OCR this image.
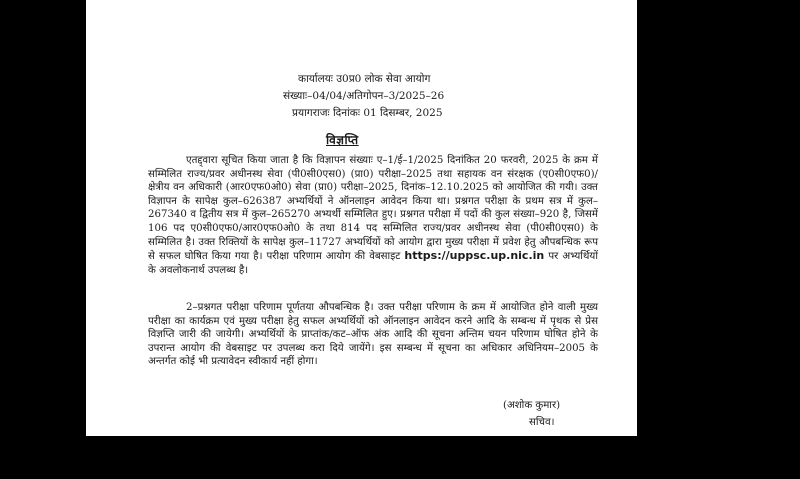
कार्यालयः उ0प्र0 लोक सेवा आयोग
संख्याः–04/04/अतिगोपन–3/2025–26
प्रयागराजः दिनांकः 01 दिसम्बर, 2025
विज्ञप्ति
एतद्द्वारा सूचित किया जाता है कि विज्ञापन संख्याः ए–1/ई–1/2025 दिनांकित 20 फरवरी, 2025 के क्रम में सम्मिलित राज्य/प्रवर अधीनस्थ सेवा (पी0सी0एस0) (प्रा0) परीक्षा–2025 तथा सहायक वन संरक्षक (ए0सी0एफ0)/क्षेत्रीय वन अधिकारी (आर0एफ0ओ0) सेवा (प्रा0) परीक्षा–2025, दिनांक–12.10.2025 को आयोजित की गयी। उक्त विज्ञापन के सापेक्ष कुल–626387 अभ्यर्थियों ने ऑनलाइन आवेदन किया था। प्रश्नगत परीक्षा के प्रथम सत्र में कुल–267340 व द्वितीय सत्र में कुल–265270 अभ्यर्थी सम्मिलित हुए। प्रश्नगत परीक्षा में पदों की कुल संख्या–920 है, जिसमें 106 पद ए0सी0एफ0/आर0एफ0ओ0 के तथा 814 पद सम्मिलित राज्य/प्रवर अधीनस्थ सेवा (पी0सी0एस0) के सम्मिलित है। उक्त रिक्तियों के सापेक्ष कुल–11727 अभ्यर्थियों को आयोग द्वारा मुख्य परीक्षा में प्रवेश हेतु औपबन्धिक रूप से सफल घोषित किया गया है। परीक्षा परिणाम आयोग की वेबसाइट https://uppsc.up.nic.in पर अभ्यर्थियों के अवलोकनार्थ उपलब्ध है।
2–प्रश्नगत परीक्षा परिणाम पूर्णतया औपबन्धिक है। उक्त परीक्षा परिणाम के क्रम में आयोजित होने वाली मुख्य परीक्षा का कार्यक्रम एवं मुख्य परीक्षा हेतु सफल अभ्यर्थियों को ऑनलाइन आवेदन करने आदि के सम्बन्ध में पृथक से प्रेस विज्ञप्ति जारी की जायेगी। अभ्यर्थियों के प्राप्तांक/कट–ऑफ अंक आदि की सूचना अन्तिम चयन परिणाम घोषित होने के उपरान्त आयोग की वेबसाइट पर उपलब्ध करा दिये जायेंगे। इस सम्बन्ध में सूचना का अधिकार अधिनियम–2005 के अन्तर्गत कोई भी प्रत्यावेदन स्वीकार्य नहीं होगा।
(अशोक कुमार)
सचिव।
